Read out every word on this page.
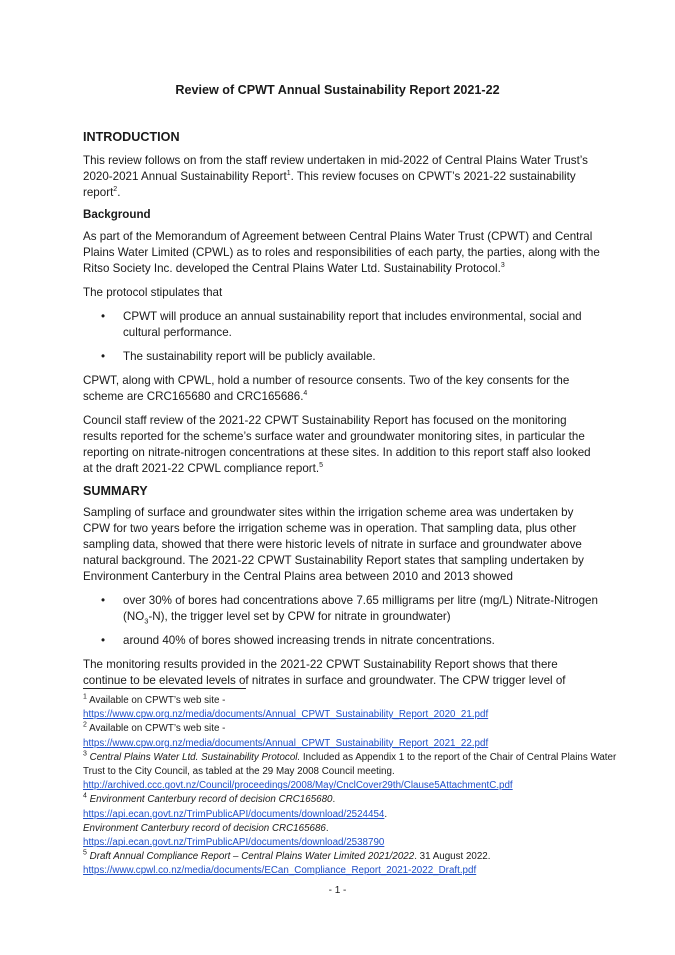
Review of CPWT Annual Sustainability Report 2021-22
INTRODUCTION

This review follows on from the staff review undertaken in mid-2022 of Central Plains Water Trust’s 2020-2021 Annual Sustainability Report$^1$. This review focuses on CPWT’s 2021-22 sustainability report$^2$.

Background

As part of the Memorandum of Agreement between Central Plains Water Trust (CPWT) and Central Plains Water Limited (CPWL) as to roles and responsibilities of each party, the parties, along with the Ritso Society Inc. developed the Central Plains Water Ltd. Sustainability Protocol.$^3$

The protocol stipulates that

• CPWT will produce an annual sustainability report that includes environmental, social and cultural performance.
• The sustainability report will be publicly available.

CPWT, along with CPWL, hold a number of resource consents. Two of the key consents for the scheme are CRC165680 and CRC165686.$^4$

Council staff review of the 2021-22 CPWT Sustainability Report has focused on the monitoring results reported for the scheme’s surface water and groundwater monitoring sites, in particular the reporting on nitrate-nitrogen concentrations at these sites. In addition to this report staff also looked at the draft 2021-22 CPWL compliance report.$^5$

SUMMARY

Sampling of surface and groundwater sites within the irrigation scheme area was undertaken by CPW for two years before the irrigation scheme was in operation. That sampling data, plus other sampling data, showed that there were historic levels of nitrate in surface and groundwater above natural background. The 2021-22 CPWT Sustainability Report states that sampling undertaken by Environment Canterbury in the Central Plains area between 2010 and 2013 showed

• over 30% of bores had concentrations above 7.65 milligrams per litre (mg/L) Nitrate-Nitrogen $(NO_3-N)$, the trigger level set by CPW for nitrate in groundwater)
• around 40% of bores showed increasing trends in nitrate concentrations.

The monitoring results provided in the 2021-22 CPWT Sustainability Report shows that there continue to be elevated levels of nitrates in surface and groundwater. The CPW trigger level of

$^1$ Available on CPWT’s web site -
https://www.cpw.org.nz/media/documents/Annual_CPWT_Sustainability_Report_2020_21.pdf
$^2$ Available on CPWT’s web site -
https://www.cpw.org.nz/media/documents/Annual_CPWT_Sustainability_Report_2021_22.pdf
$^3$ Central Plains Water Ltd. Sustainability Protocol. Included as Appendix 1 to the report of the Chair of Central Plains Water Trust to the City Council, as tabled at the 29 May 2008 Council meeting.
http://archived.ccc.govt.nz/Council/proceedings/2008/May/CnclCover29th/Clause5AttachmentC.pdf
$^4$ Environment Canterbury record of decision CRC165680.
https://api.ecan.govt.nz/TrimPublicAPI/documents/download/2524454.
Environment Canterbury record of decision CRC165686.
https://api.ecan.govt.nz/TrimPublicAPI/documents/download/2538790
$^5$ Draft Annual Compliance Report – Central Plains Water Limited 2021/2022. 31 August 2022.
https://www.cpwl.co.nz/media/documents/ECan_Compliance_Report_2021-2022_Draft.pdf
- 1 -
